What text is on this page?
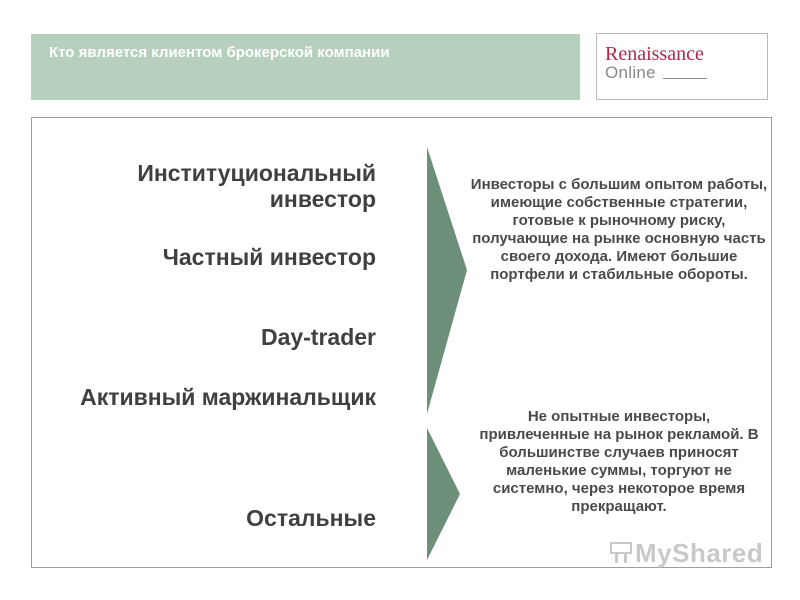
Кто является клиентом брокерской компании	Renaissance
Online
Институциональный
инвестор
Частный инвестор
Day-trader
Активный маржинальщик
Остальные
Инвесторы с большим опытом работы, имеющие собственные стратегии, готовые к рыночному риску, получающие на рынке основную часть своего дохода. Имеют большие портфели и стабильные обороты.
Не опытные инвесторы, привлеченные на рынок рекламой. В большинстве случаев приносят маленькие суммы, торгуют не системно, через некоторое время прекращают.
MyShared
